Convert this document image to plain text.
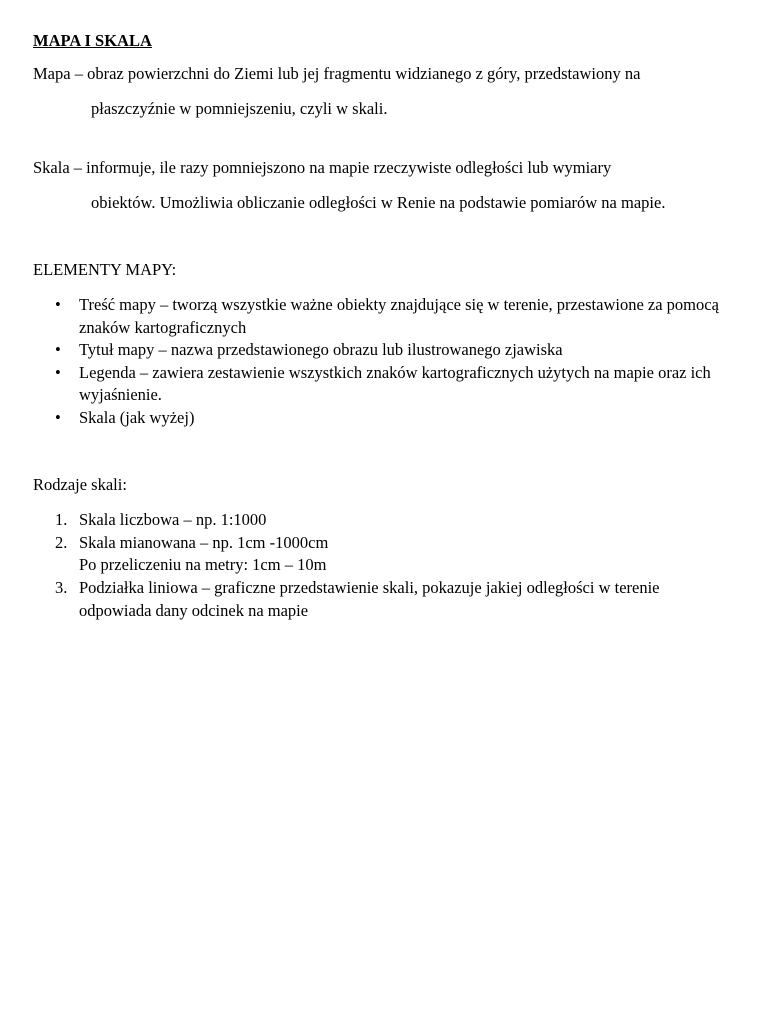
MAPA I SKALA

Mapa – obraz powierzchni do Ziemi lub jej fragmentu widzianego z góry, przedstawiony na
płaszczyźnie w pomniejszeniu, czyli w skali.

Skala – informuje, ile razy pomniejszono na mapie rzeczywiste odległości lub wymiary
obiektów. Umożliwia obliczanie odległości w Renie na podstawie pomiarów na mapie.

ELEMENTY MAPY:

• Treść mapy – tworzą wszystkie ważne obiekty znajdujące się w terenie, przestawione za pomocą znaków kartograficznych
• Tytuł mapy – nazwa przedstawionego obrazu lub ilustrowanego zjawiska
• Legenda – zawiera zestawienie wszystkich znaków kartograficznych użytych na mapie oraz ich wyjaśnienie.
• Skala (jak wyżej)

Rodzaje skali:

1. Skala liczbowa – np. 1:1000
2. Skala mianowana – np. 1cm -1000cm
Po przeliczeniu na metry: 1cm – 10m
3. Podziałka liniowa – graficzne przedstawienie skali, pokazuje jakiej odległości w terenie odpowiada dany odcinek na mapie
